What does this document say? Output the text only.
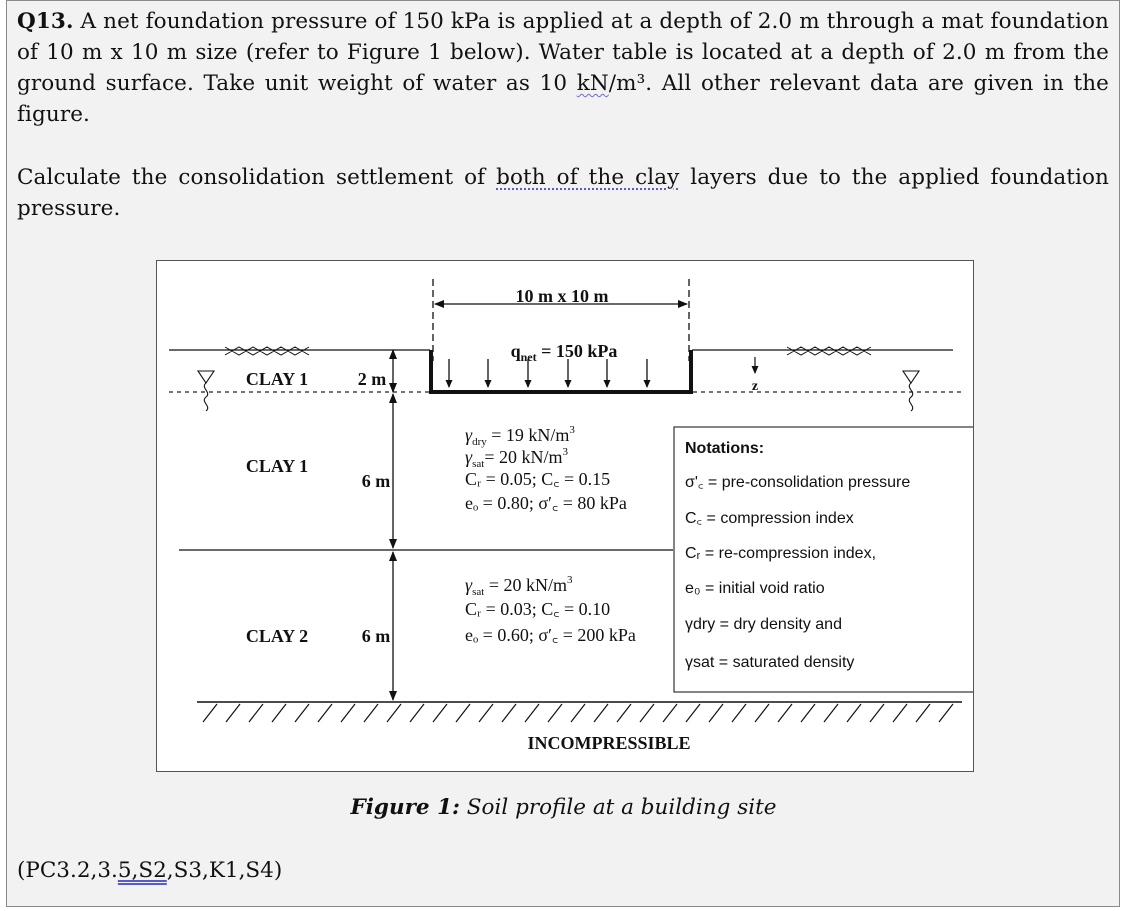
Q13. A net foundation pressure of 150 kPa is applied at a depth of 2.0 m through a mat foundation of 10 m x 10 m size (refer to Figure 1 below). Water table is located at a depth of 2.0 m from the ground surface. Take unit weight of water as 10 kN/m³. All other relevant data are given in the figure.

Calculate the consolidation settlement of both of the clay layers due to the applied foundation pressure.

10 m x 10 m
$q_{net} = 150$ kPa
z
CLAY 1	2 m
CLAY 1
6 m
CLAY 2	6 m
$\gamma_{dry} = 19$ $kN/m^3$
$\gamma_{sat}= 20$ $kN/m^3$
Cᵣ = 0.05; C꜀ = 0.15
eₒ = 0.80; σ′꜀ = 80 kPa
$\gamma_{sat} = 20$ $kN/m^3$
Cᵣ = 0.03; C꜀ = 0.10
eₒ = 0.60; σ′꜀ = 200 kPa
Notations:
σ'꜀ = pre-consolidation pressure
C꜀ = compression index
Cᵣ = re-compression index,
e₀ = initial void ratio
γdry = dry density and
γsat = saturated density
INCOMPRESSIBLE

Figure 1: Soil profile at a building site

(PC3.2,3.5,S2,S3,K1,S4)
